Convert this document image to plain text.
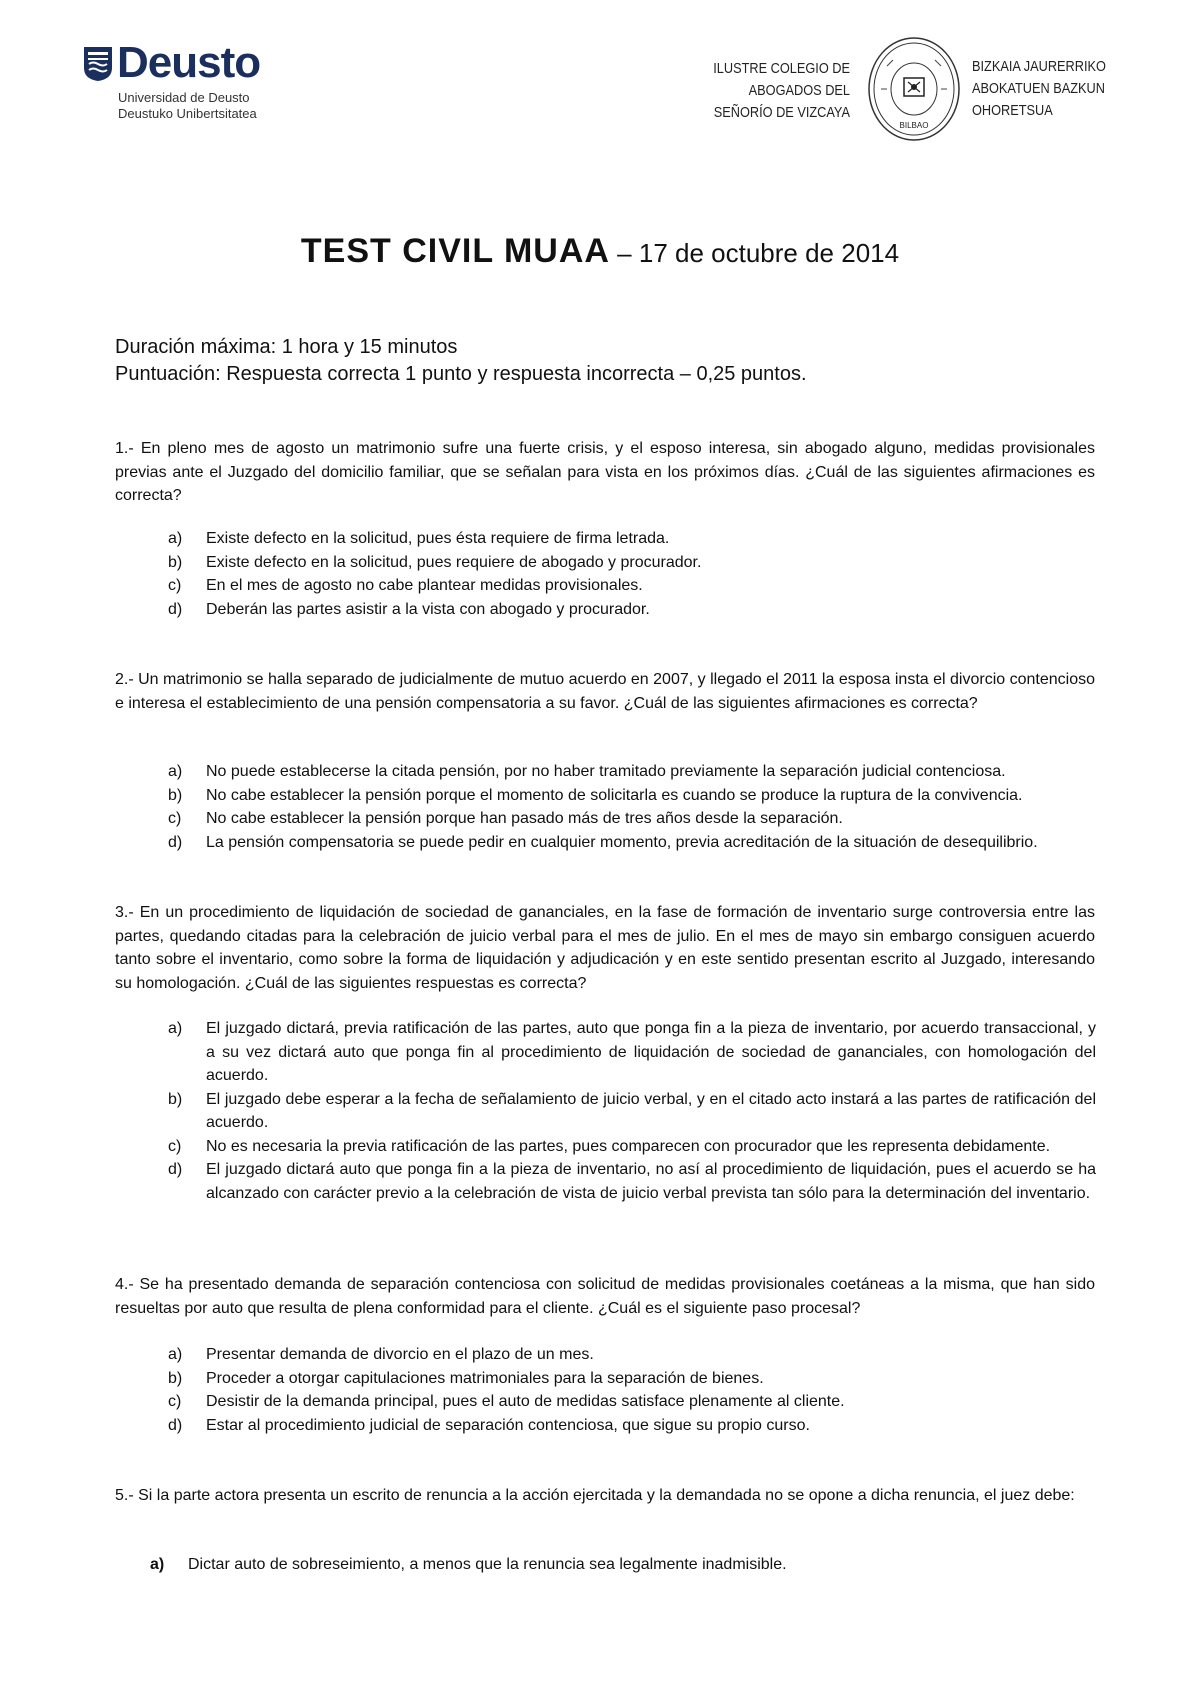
Deusto
Universidad de Deusto
Deustuko Unibertsitatea
ILUSTRE COLEGIO DE
ABOGADOS DEL
SEÑORÍO DE VIZCAYA
BILBAO
BIZKAIA JAURERRIKO
ABOKATUEN BAZKUN
OHORETSUA
TEST CIVIL MUAA – 17 de octubre de 2014
Duración máxima: 1 hora y 15 minutos
Puntuación: Respuesta correcta 1 punto y respuesta incorrecta – 0,25 puntos.
1.- En pleno mes de agosto un matrimonio sufre una fuerte crisis, y el esposo interesa, sin abogado alguno, medidas provisionales previas ante el Juzgado del domicilio familiar, que se señalan para vista en los próximos días. ¿Cuál de las siguientes afirmaciones es correcta?
a)	Existe defecto en la solicitud, pues ésta requiere de firma letrada.
b)	Existe defecto en la solicitud, pues requiere de abogado y procurador.
c)	En el mes de agosto no cabe plantear medidas provisionales.
d)	Deberán las partes asistir a la vista con abogado y procurador.
2.- Un matrimonio se halla separado de judicialmente de mutuo acuerdo en 2007, y llegado el 2011 la esposa insta el divorcio contencioso e interesa el establecimiento de una pensión compensatoria a su favor. ¿Cuál de las siguientes afirmaciones es correcta?
a)	No puede establecerse la citada pensión, por no haber tramitado previamente la separación judicial contenciosa.
b)	No cabe establecer la pensión porque el momento de solicitarla es cuando se produce la ruptura de la convivencia.
c)	No cabe establecer la pensión porque han pasado más de tres años desde la separación.
d)	La pensión compensatoria se puede pedir en cualquier momento, previa acreditación de la situación de desequilibrio.
3.- En un procedimiento de liquidación de sociedad de gananciales, en la fase de formación de inventario surge controversia entre las partes, quedando citadas para la celebración de juicio verbal para el mes de julio. En el mes de mayo sin embargo consiguen acuerdo tanto sobre el inventario, como sobre la forma de liquidación y adjudicación y en este sentido presentan escrito al Juzgado, interesando su homologación. ¿Cuál de las siguientes respuestas es correcta?
a)	El juzgado dictará, previa ratificación de las partes, auto que ponga fin a la pieza de inventario, por acuerdo transaccional, y a su vez dictará auto que ponga fin al procedimiento de liquidación de sociedad de gananciales, con homologación del acuerdo.
b)	El juzgado debe esperar a la fecha de señalamiento de juicio verbal, y en el citado acto instará a las partes de ratificación del acuerdo.
c)	No es necesaria la previa ratificación de las partes, pues comparecen con procurador que les representa debidamente.
d)	El juzgado dictará auto que ponga fin a la pieza de inventario, no así al procedimiento de liquidación, pues el acuerdo se ha alcanzado con carácter previo a la celebración de vista de juicio verbal prevista tan sólo para la determinación del inventario.
4.- Se ha presentado demanda de separación contenciosa con solicitud de medidas provisionales coetáneas a la misma, que han sido resueltas por auto que resulta de plena conformidad para el cliente. ¿Cuál es el siguiente paso procesal?
a)	Presentar demanda de divorcio en el plazo de un mes.
b)	Proceder a otorgar capitulaciones matrimoniales para la separación de bienes.
c)	Desistir de la demanda principal, pues el auto de medidas satisface plenamente al cliente.
d)	Estar al procedimiento judicial de separación contenciosa, que sigue su propio curso.
5.- Si la parte actora presenta un escrito de renuncia a la acción ejercitada y la demandada no se opone a dicha renuncia, el juez debe:
a)	Dictar auto de sobreseimiento, a menos que la renuncia sea legalmente inadmisible.
